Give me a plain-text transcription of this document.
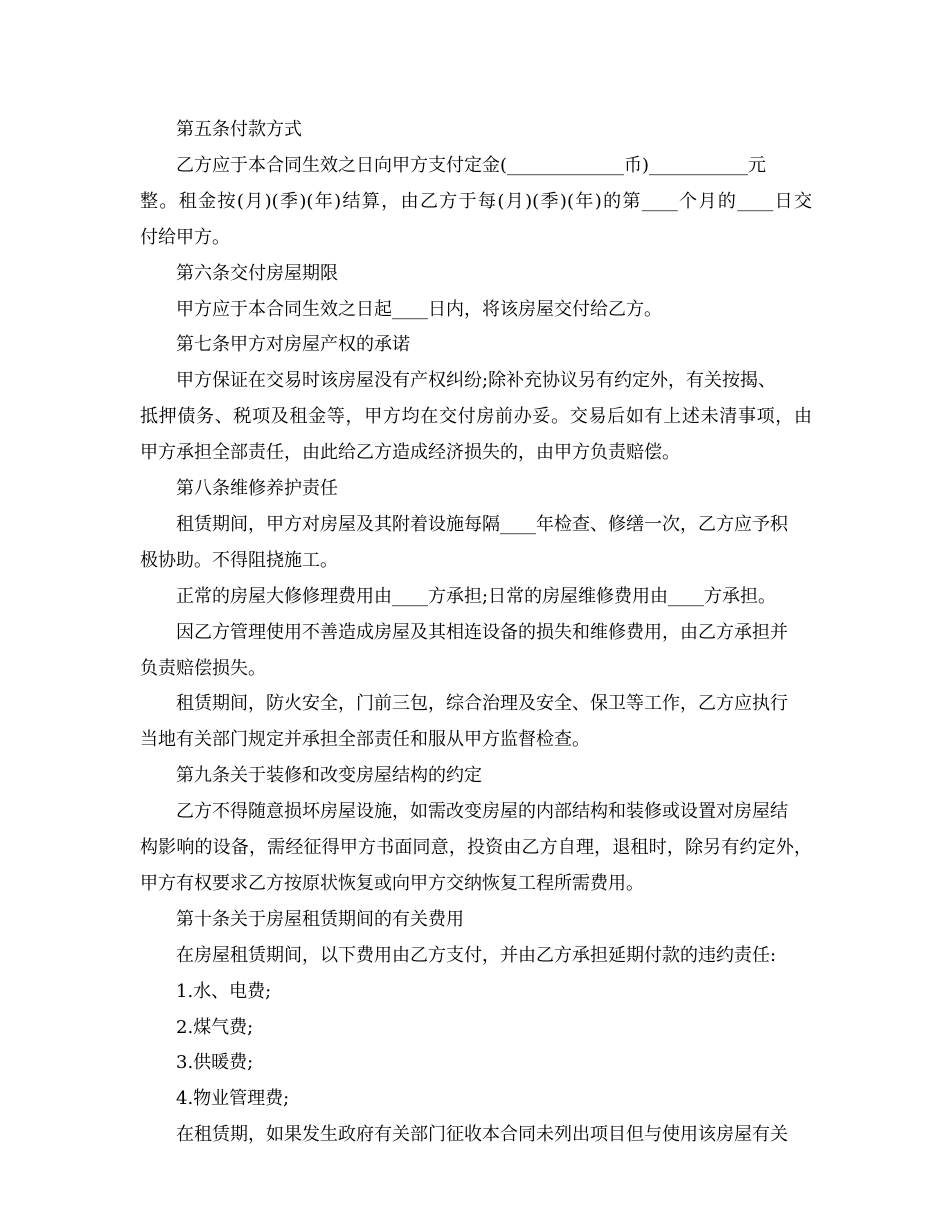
第五条付款方式
乙方应于本合同生效之日向甲方支付定金(_____________币)___________元
整。租金按(月)(季)(年)结算，由乙方于每(月)(季)(年)的第____个月的____日交
付给甲方。
第六条交付房屋期限
甲方应于本合同生效之日起____日内，将该房屋交付给乙方。
第七条甲方对房屋产权的承诺
甲方保证在交易时该房屋没有产权纠纷;除补充协议另有约定外，有关按揭、
抵押债务、税项及租金等，甲方均在交付房前办妥。交易后如有上述未清事项，由
甲方承担全部责任，由此给乙方造成经济损失的，由甲方负责赔偿。
第八条维修养护责任
租赁期间，甲方对房屋及其附着设施每隔____年检查、修缮一次，乙方应予积
极协助。不得阻挠施工。
正常的房屋大修修理费用由____方承担;日常的房屋维修费用由____方承担。
因乙方管理使用不善造成房屋及其相连设备的损失和维修费用，由乙方承担并
负责赔偿损失。
租赁期间，防火安全，门前三包，综合治理及安全、保卫等工作，乙方应执行
当地有关部门规定并承担全部责任和服从甲方监督检查。
第九条关于装修和改变房屋结构的约定
乙方不得随意损坏房屋设施，如需改变房屋的内部结构和装修或设置对房屋结
构影响的设备，需经征得甲方书面同意，投资由乙方自理，退租时，除另有约定外，
甲方有权要求乙方按原状恢复或向甲方交纳恢复工程所需费用。
第十条关于房屋租赁期间的有关费用
在房屋租赁期间，以下费用由乙方支付，并由乙方承担延期付款的违约责任:
1.水、电费;
2.煤气费;
3.供暖费;
4.物业管理费;
在租赁期，如果发生政府有关部门征收本合同未列出项目但与使用该房屋有关
